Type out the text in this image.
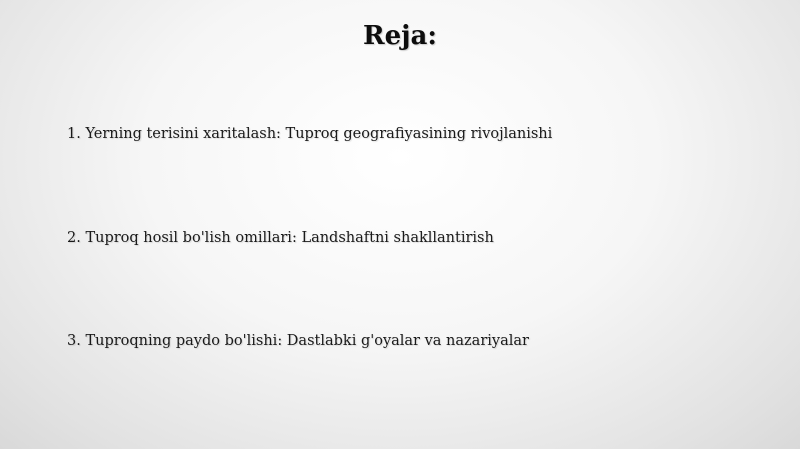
Reja:
1. Yerning terisini xaritalash: Tuproq geografiyasining rivojlanishi
2. Tuproq hosil bo'lish omillari: Landshaftni shakllantirish
3. Tuproqning paydo bo'lishi: Dastlabki g'oyalar va nazariyalar
